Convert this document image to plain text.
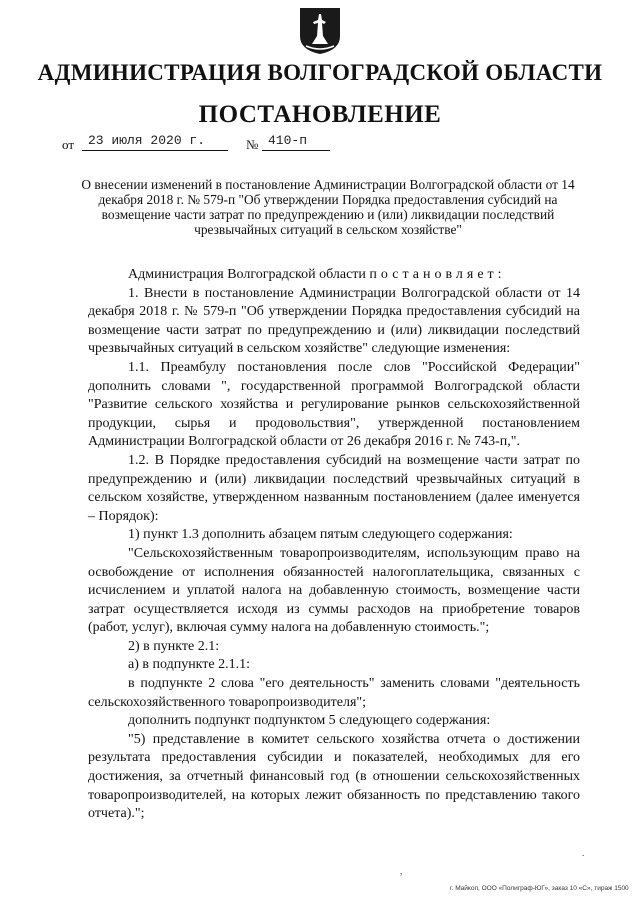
АДМИНИСТРАЦИЯ ВОЛГОГРАДСКОЙ ОБЛАСТИ
ПОСТАНОВЛЕНИЕ
от 23 июля 2020 г.	№ 410-п
О внесении изменений в постановление Администрации Волгоградской области от 14 декабря 2018 г. № 579-п "Об утверждении Порядка предоставления субсидий на возмещение части затрат по предупреждению и (или) ликвидации последствий чрезвычайных ситуаций в сельском хозяйстве"

Администрация Волгоградской области постановляет:

1. Внести в постановление Администрации Волгоградской области от 14 декабря 2018 г. № 579-п "Об утверждении Порядка предоставления субсидий на возмещение части затрат по предупреждению и (или) ликвидации последствий чрезвычайных ситуаций в сельском хозяйстве" следующие изменения:

1.1. Преамбулу постановления после слов "Российской Федерации" дополнить словами ", государственной программой Волгоградской области "Развитие сельского хозяйства и регулирование рынков сельскохозяйственной продукции, сырья и продовольствия", утвержденной постановлением Администрации Волгоградской области от 26 декабря 2016 г. № 743-п,".

1.2. В Порядке предоставления субсидий на возмещение части затрат по предупреждению и (или) ликвидации последствий чрезвычайных ситуаций в сельском хозяйстве, утвержденном названным постановлением (далее именуется – Порядок):

1) пункт 1.3 дополнить абзацем пятым следующего содержания:

"Сельскохозяйственным товаропроизводителям, использующим право на освобождение от исполнения обязанностей налогоплательщика, связанных с исчислением и уплатой налога на добавленную стоимость, возмещение части затрат осуществляется исходя из суммы расходов на приобретение товаров (работ, услуг), включая сумму налога на добавленную стоимость.";

2) в пункте 2.1:

а) в подпункте 2.1.1:

в подпункте 2 слова "его деятельность" заменить словами "деятельность сельскохозяйственного товаропроизводителя";

дополнить подпункт подпунктом 5 следующего содержания:

"5) представление в комитет сельского хозяйства отчета о достижении результата предоставления субсидии и показателей, необходимых для его достижения, за отчетный финансовый год (в отношении сельскохозяйственных товаропроизводителей, на которых лежит обязанность по представлению такого отчета).";

,
.
г. Майкоп, ООО «Полиграф-ЮГ», заказ 10 «С», тираж 1500
